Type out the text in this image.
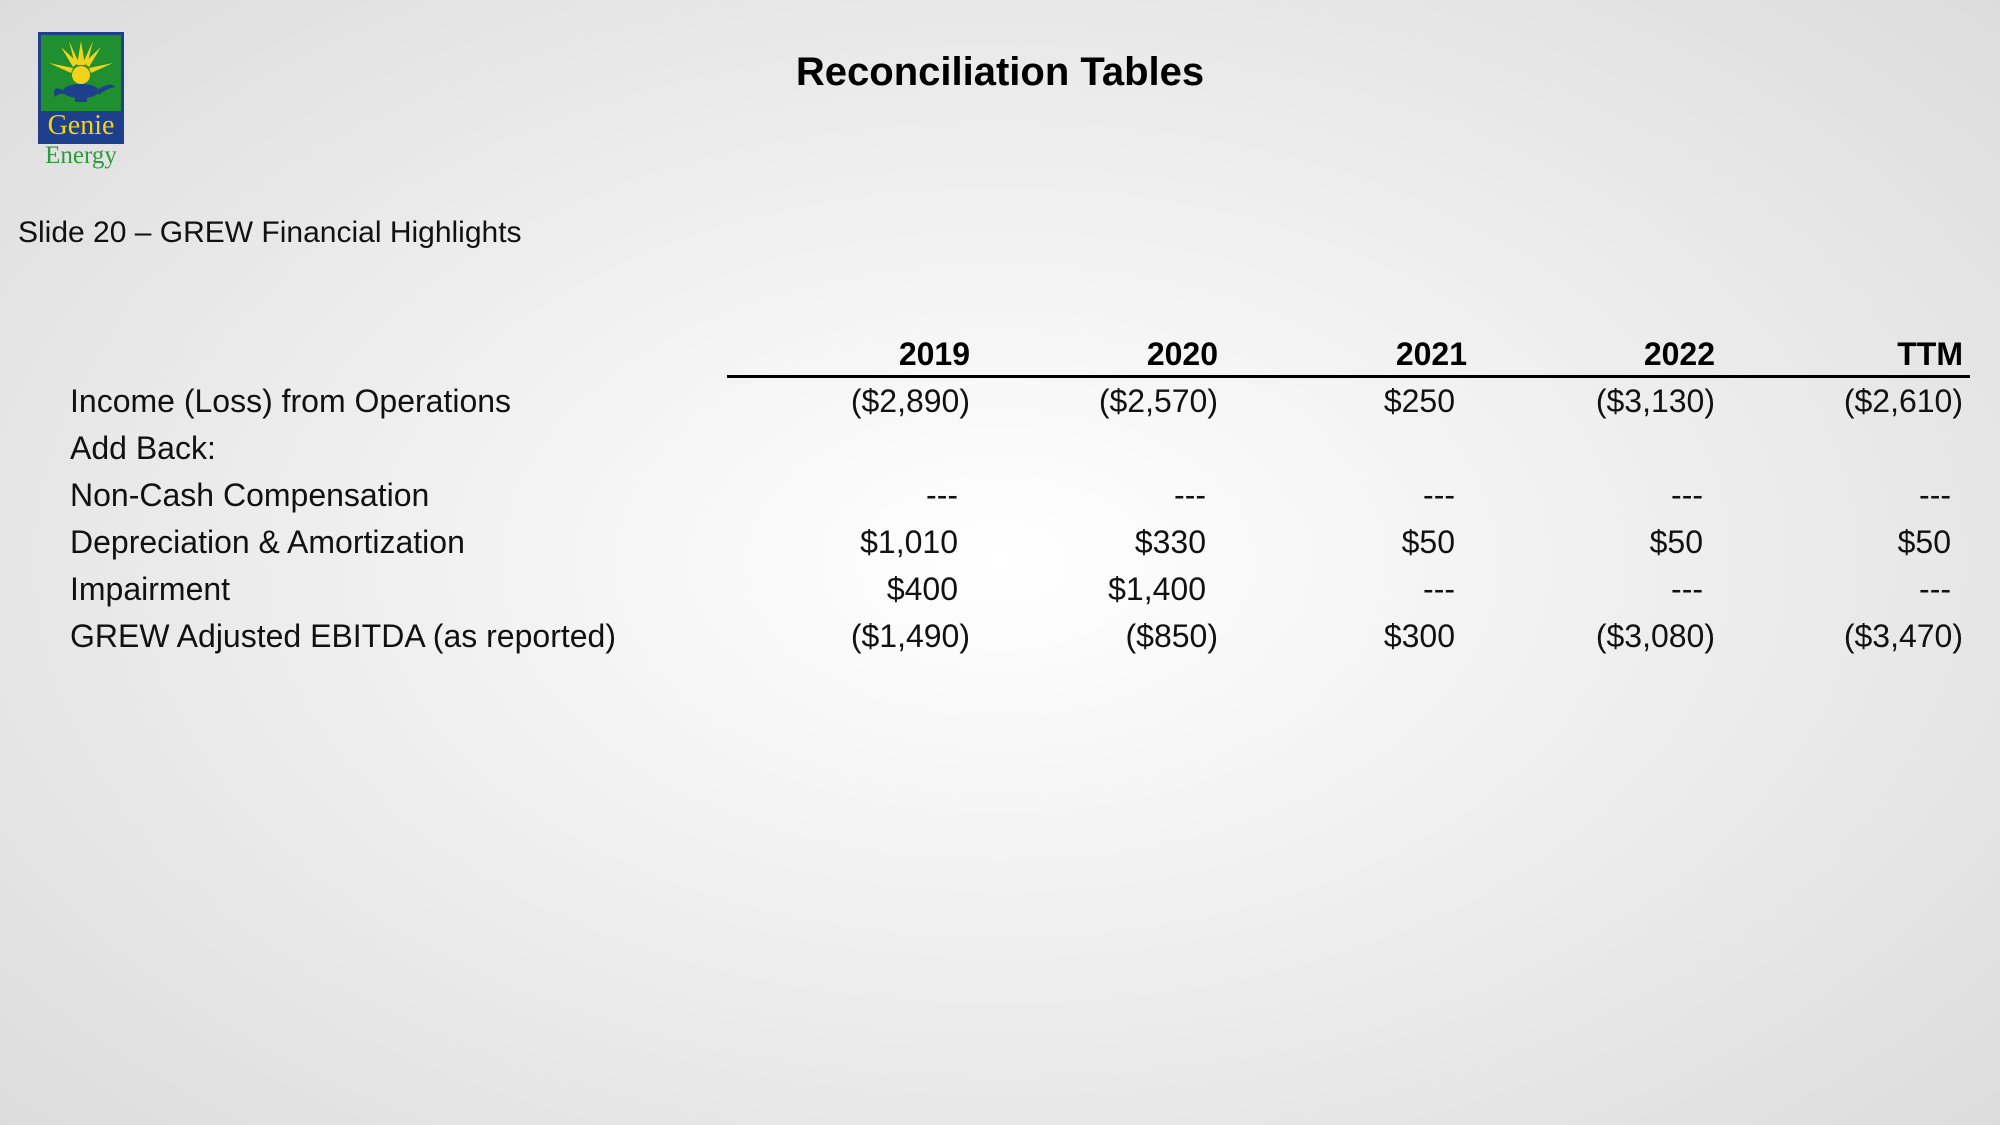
Genie
Energy
Reconciliation Tables
Slide 20 – GREW Financial Highlights
2019	2020	2021	2022	TTM
Income (Loss) from Operations	($2,890)	($2,570)	$250	($3,130)	($2,610)
Add Back:
Non-Cash Compensation	---	---	---	---	---
Depreciation & Amortization	$1,010	$330	$50	$50	$50
Impairment	$400	$1,400	---	---	---
GREW Adjusted EBITDA (as reported)	($1,490)	($850)	$300	($3,080)	($3,470)
